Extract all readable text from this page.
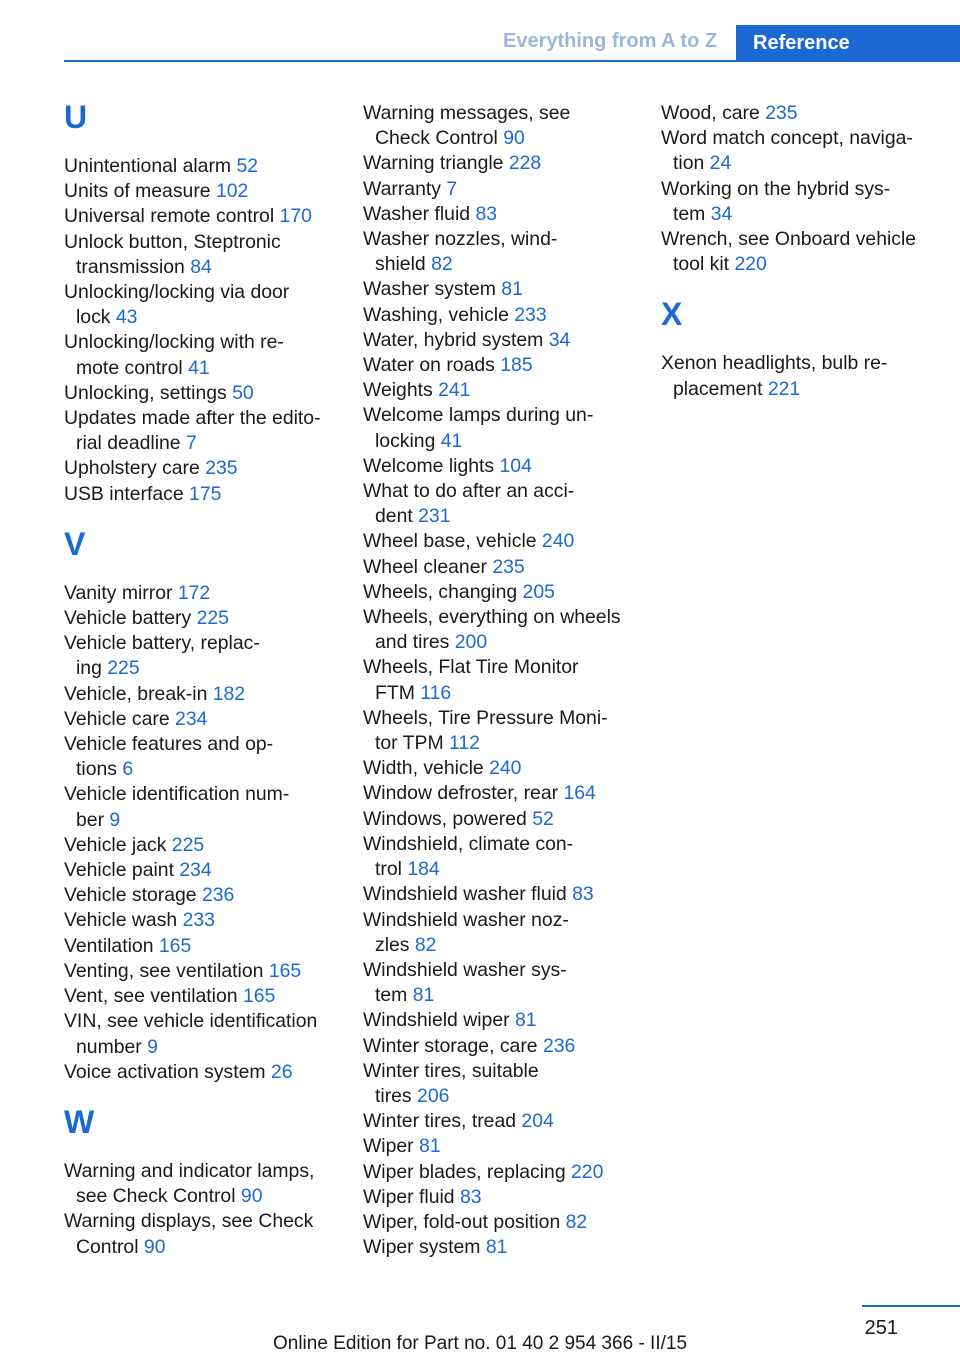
Everything from A to Z	Reference
U
Unintentional alarm 52
Units of measure 102
Universal remote control 170
Unlock button, Steptronic
transmission 84
Unlocking/locking via door
lock 43
Unlocking/locking with re-
mote control 41
Unlocking, settings 50
Updates made after the edito-
rial deadline 7
Upholstery care 235
USB interface 175
V
Vanity mirror 172
Vehicle battery 225
Vehicle battery, replac-
ing 225
Vehicle, break-in 182
Vehicle care 234
Vehicle features and op-
tions 6
Vehicle identification num-
ber 9
Vehicle jack 225
Vehicle paint 234
Vehicle storage 236
Vehicle wash 233
Ventilation 165
Venting, see ventilation 165
Vent, see ventilation 165
VIN, see vehicle identification
number 9
Voice activation system 26
W
Warning and indicator lamps,
see Check Control 90
Warning displays, see Check
Control 90
Warning messages, see
Check Control 90
Warning triangle 228
Warranty 7
Washer fluid 83
Washer nozzles, wind-
shield 82
Washer system 81
Washing, vehicle 233
Water, hybrid system 34
Water on roads 185
Weights 241
Welcome lamps during un-
locking 41
Welcome lights 104
What to do after an acci-
dent 231
Wheel base, vehicle 240
Wheel cleaner 235
Wheels, changing 205
Wheels, everything on wheels
and tires 200
Wheels, Flat Tire Monitor
FTM 116
Wheels, Tire Pressure Moni-
tor TPM 112
Width, vehicle 240
Window defroster, rear 164
Windows, powered 52
Windshield, climate con-
trol 184
Windshield washer fluid 83
Windshield washer noz-
zles 82
Windshield washer sys-
tem 81
Windshield wiper 81
Winter storage, care 236
Winter tires, suitable
tires 206
Winter tires, tread 204
Wiper 81
Wiper blades, replacing 220
Wiper fluid 83
Wiper, fold-out position 82
Wiper system 81
Wood, care 235
Word match concept, naviga-
tion 24
Working on the hybrid sys-
tem 34
Wrench, see Onboard vehicle
tool kit 220
X
Xenon headlights, bulb re-
placement 221
251
Online Edition for Part no. 01 40 2 954 366 - II/15
